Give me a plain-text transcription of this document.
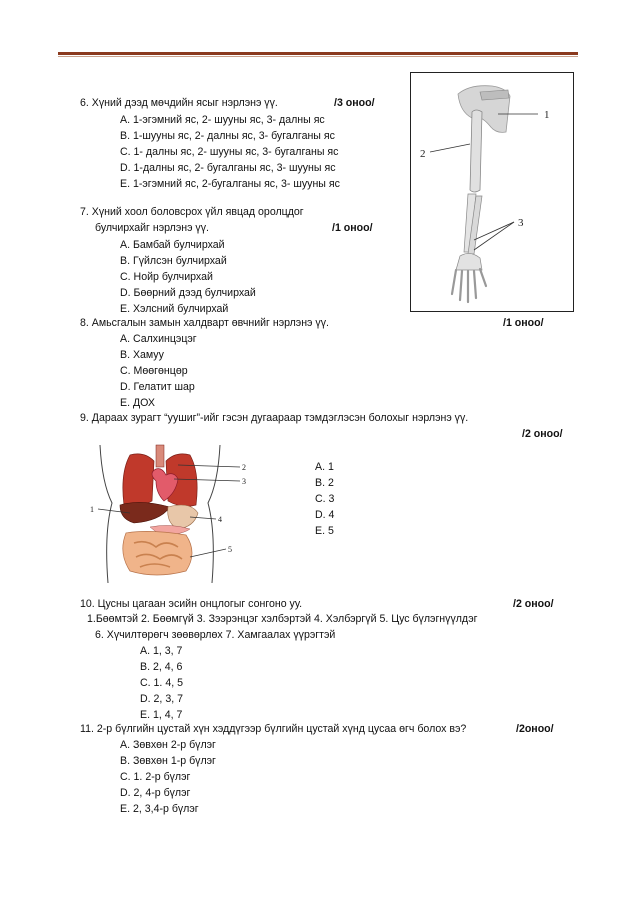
6. Хүний дээд мөчдийн ясыг нэрлэнэ үү.	/3 оноо/
A. 1-эгэмний яс, 2- шууны яс, 3- далны яс
B. 1-шууны яс, 2- далны яс, 3- бугалганы яс
C. 1- далны яс, 2- шууны яс, 3- бугалганы яс
D. 1-далны яс, 2- бугалганы яс, 3- шууны яс
E. 1-эгэмний яс, 2-бугалганы яс, 3- шууны яс
7. Хүний хоол боловсрох үйл явцад оролцдог
булчирхайг нэрлэнэ үү.	/1 оноо/
A. Бамбай булчирхай
B. Гүйлсэн булчирхай
C. Нойр булчирхай
D. Бөөрний дээд булчирхай
E. Хэлсний булчирхай
8. Амьсгалын замын халдварт өвчнийг нэрлэнэ үү.	/1 оноо/
A. Салхинцэцэг
B. Хамуу
C. Мөөгөнцөр
D. Гелатит шар
E. ДОХ
9. Дараах зурагт “уушиг”-ийг гэсэн дугаараар тэмдэглэсэн болохыг нэрлэнэ үү.
/2 оноо/
A. 1
B. 2
C. 3
D. 4
E. 5
10. Цусны цагаан эсийн онцлогыг сонгоно уу.	/2 оноо/
1.Бөөмтэй 2. Бөөмгүй 3. Зээрэнцэг хэлбэртэй 4. Хэлбэргүй 5. Цус бүлэгнүүлдэг
6. Хүчилтөрөгч зөөвөрлөх 7. Хамгаалах үүрэгтэй
A. 1, 3, 7
B. 2, 4, 6
C. 1. 4, 5
D. 2, 3, 7
E. 1, 4, 7
11. 2-р бүлгийн цустай хүн хэддүгээр бүлгийн цустай хүнд цусаа өгч болох вэ?	/2оноо/
A. Зөвхөн 2-р бүлэг
B. Зөвхөн 1-р бүлэг
C. 1. 2-р бүлэг
D. 2, 4-р бүлэг
E. 2, 3,4-р бүлэг
1
2
3
2
3
1
4
5
